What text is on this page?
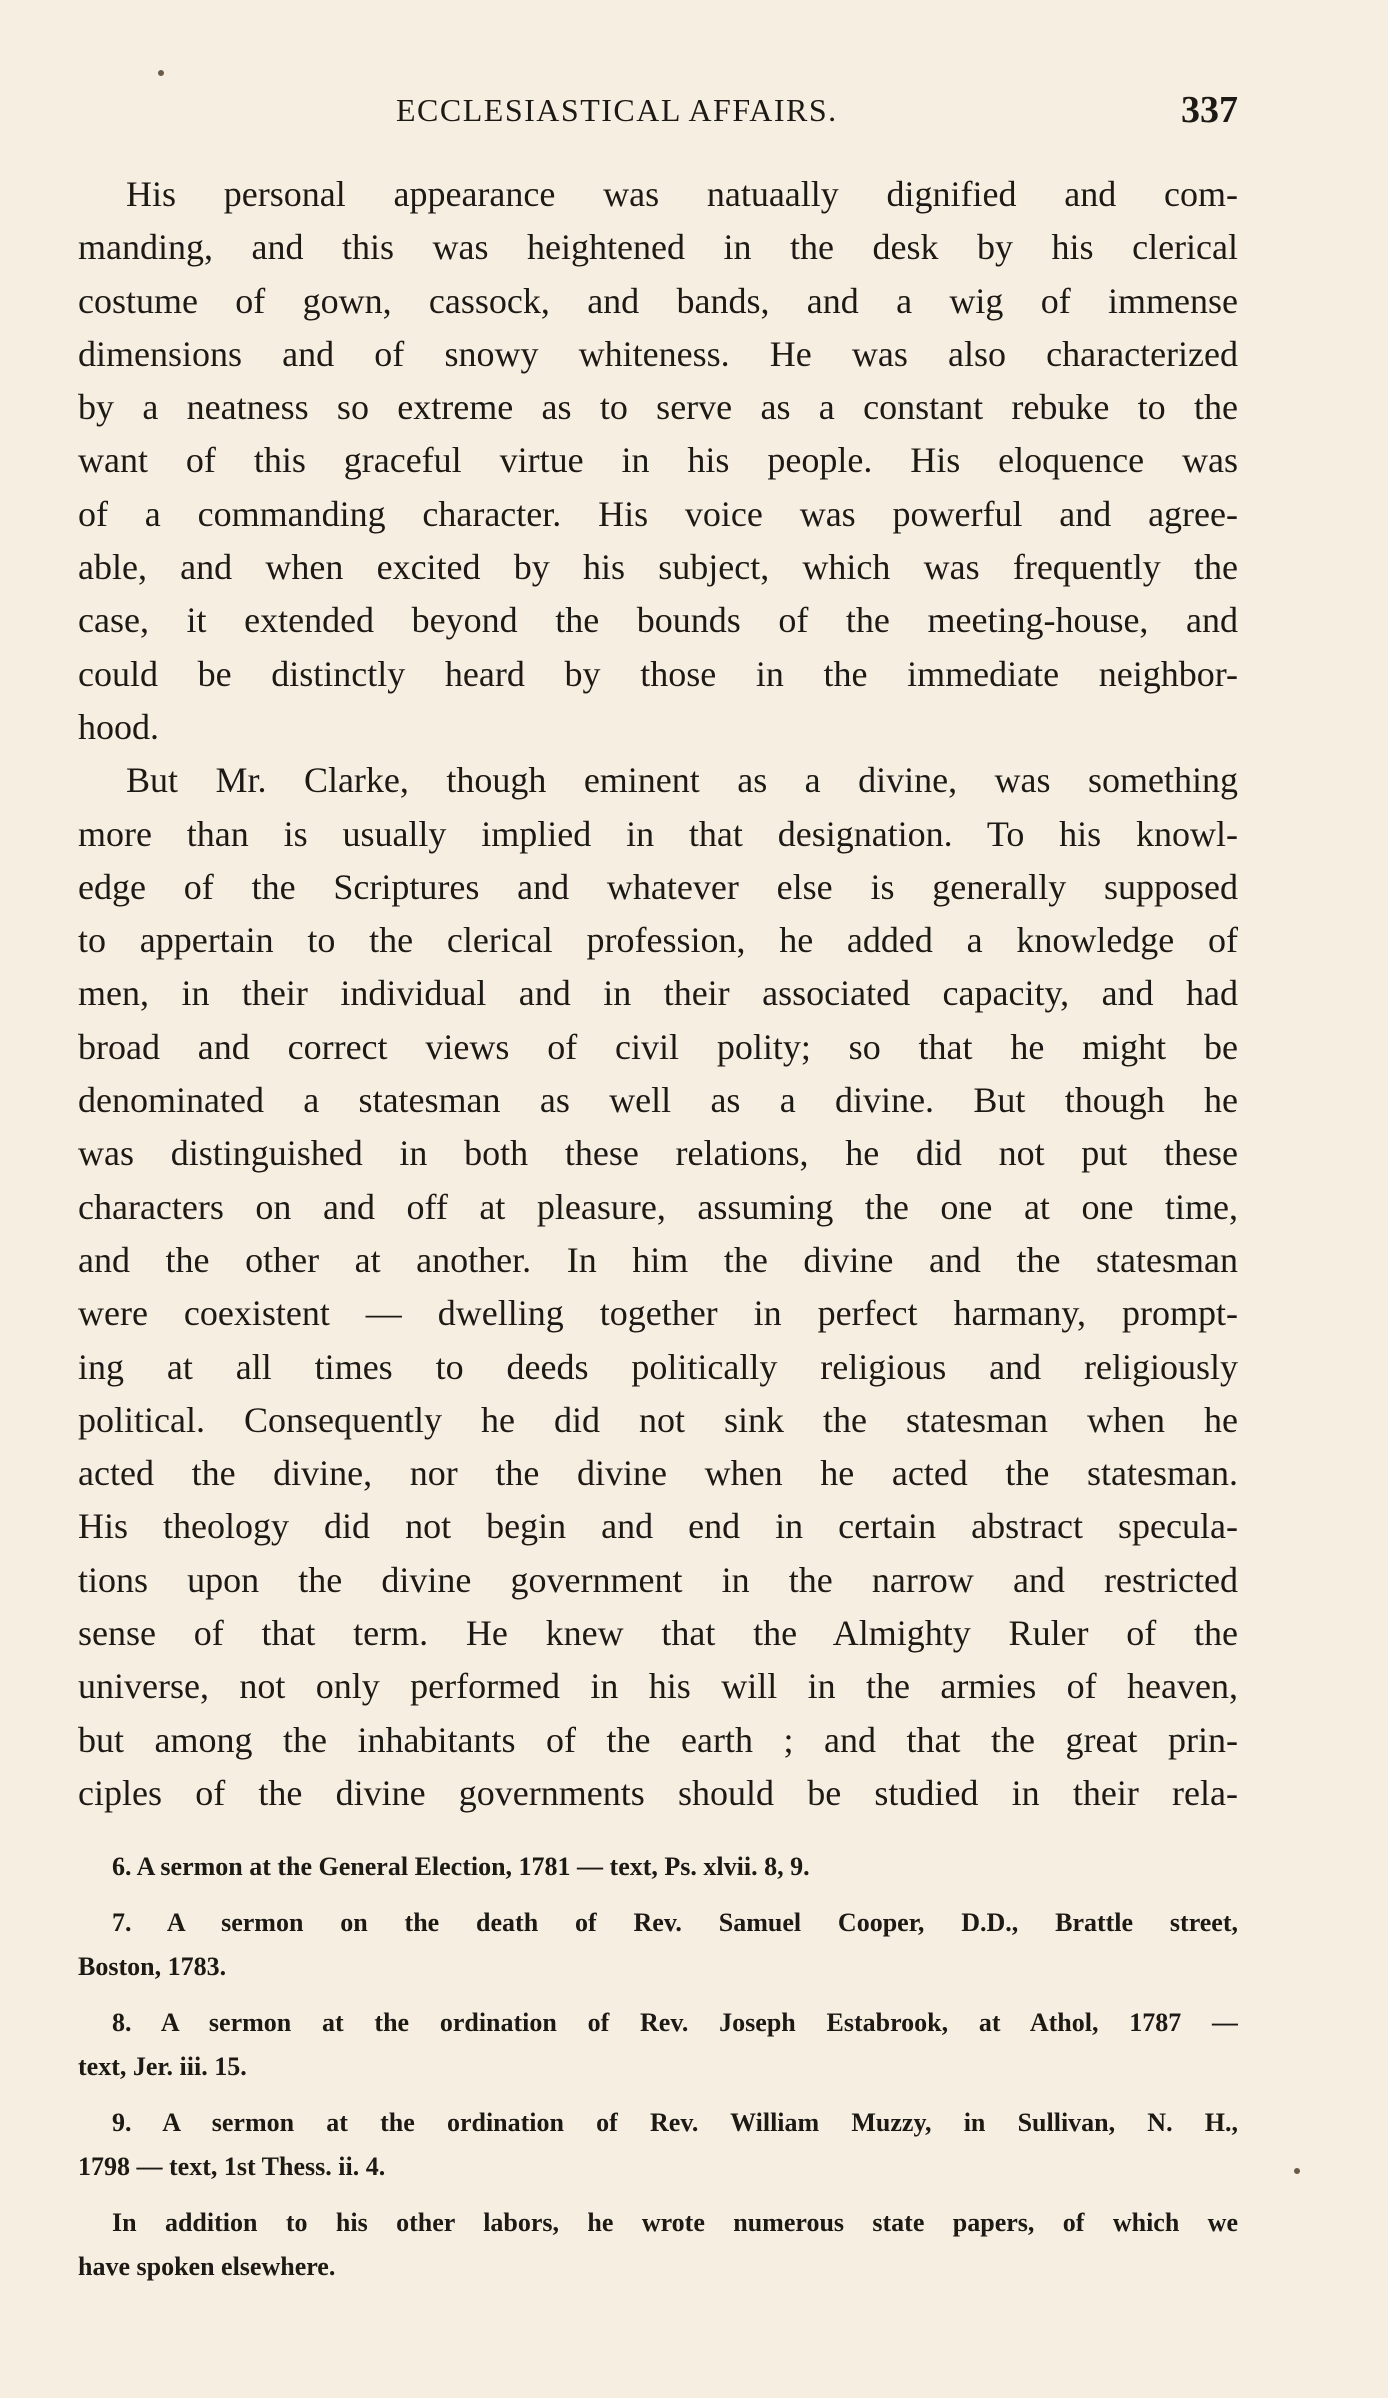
ECCLESIASTICAL AFFAIRS.	337
His personal appearance was natuaally dignified and com-
manding, and this was heightened in the desk by his clerical
costume of gown, cassock, and bands, and a wig of immense
dimensions and of snowy whiteness. He was also characterized
by a neatness so extreme as to serve as a constant rebuke to the
want of this graceful virtue in his people. His eloquence was
of a commanding character. His voice was powerful and agree-
able, and when excited by his subject, which was frequently the
case, it extended beyond the bounds of the meeting-house, and
could be distinctly heard by those in the immediate neighbor-
hood.
But Mr. Clarke, though eminent as a divine, was something
more than is usually implied in that designation. To his knowl-
edge of the Scriptures and whatever else is generally supposed
to appertain to the clerical profession, he added a knowledge of
men, in their individual and in their associated capacity, and had
broad and correct views of civil polity; so that he might be
denominated a statesman as well as a divine. But though he
was distinguished in both these relations, he did not put these
characters on and off at pleasure, assuming the one at one time,
and the other at another. In him the divine and the statesman
were coexistent — dwelling together in perfect harmany, prompt-
ing at all times to deeds politically religious and religiously
political. Consequently he did not sink the statesman when he
acted the divine, nor the divine when he acted the statesman.
His theology did not begin and end in certain abstract specula-
tions upon the divine government in the narrow and restricted
sense of that term. He knew that the Almighty Ruler of the
universe, not only performed in his will in the armies of heaven,
but among the inhabitants of the earth ; and that the great prin-
ciples of the divine governments should be studied in their rela-
6. A sermon at the General Election, 1781 — text, Ps. xlvii. 8, 9.
7. A sermon on the death of Rev. Samuel Cooper, D.D., Brattle street,
Boston, 1783.
8. A sermon at the ordination of Rev. Joseph Estabrook, at Athol, 1787 —
text, Jer. iii. 15.
9. A sermon at the ordination of Rev. William Muzzy, in Sullivan, N. H.,
1798 — text, 1st Thess. ii. 4.
In addition to his other labors, he wrote numerous state papers, of which we
have spoken elsewhere.
